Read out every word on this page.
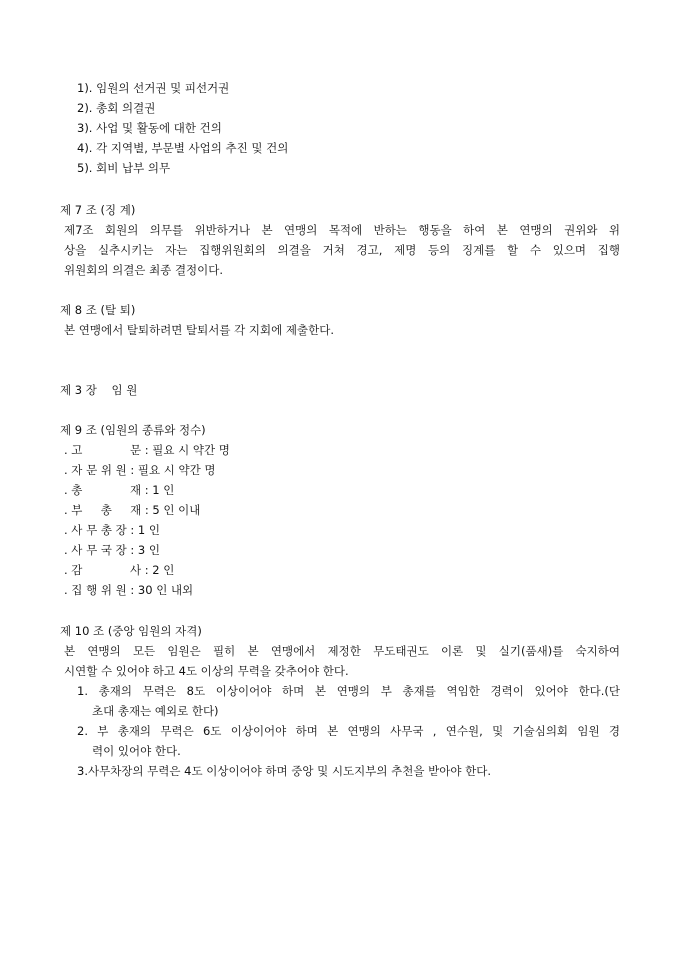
1). 임원의 선거권 및 피선거권
2). 총회 의결권
3). 사업 및 활동에 대한 건의
4). 각 지역별, 부문별 사업의 추진 및 건의
5). 회비 납부 의무
제 7 조 (징 계)
제7조 회원의 의무를 위반하거나 본 연맹의 목적에 반하는 행동을 하여 본 연맹의 권위와 위
상을 실추시키는 자는 집행위원회의 의결을 거쳐 경고, 제명 등의 징계를 할 수 있으며 집행
위원회의 의결은 최종 결정이다.
제 8 조 (탈 퇴)
본 연맹에서 탈퇴하려면 탈퇴서를 각 지회에 제출한다.
제 3 장    임 원
제 9 조 (임원의 종류와 정수)
. 고             문 : 필요 시 약간 명
. 자 문 위 원 : 필요 시 약간 명
. 총             재 : 1 인
. 부     총     재 : 5 인 이내
. 사 무 총 장 : 1 인
. 사 무 국 장 : 3 인
. 감             사 : 2 인
. 집 행 위 원 : 30 인 내외
제 10 조 (중앙 임원의 자격)
본 연맹의 모든 임원은 필히 본 연맹에서 제정한 무도태권도 이론 및 실기(품새)를 숙지하여
시연할 수 있어야 하고 4도 이상의 무력을 갖추어야 한다.
1. 총재의 무력은 8도 이상이어야 하며 본 연맹의 부 총재를 역임한 경력이 있어야 한다.(단
초대 총재는 예외로 한다)
2. 부 총재의 무력은 6도 이상이어야 하며 본 연맹의 사무국 , 연수원, 및 기술심의회 임원 경
력이 있어야 한다.
3.사무차장의 무력은 4도 이상이어야 하며 중앙 및 시도지부의 추천을 받아야 한다.
